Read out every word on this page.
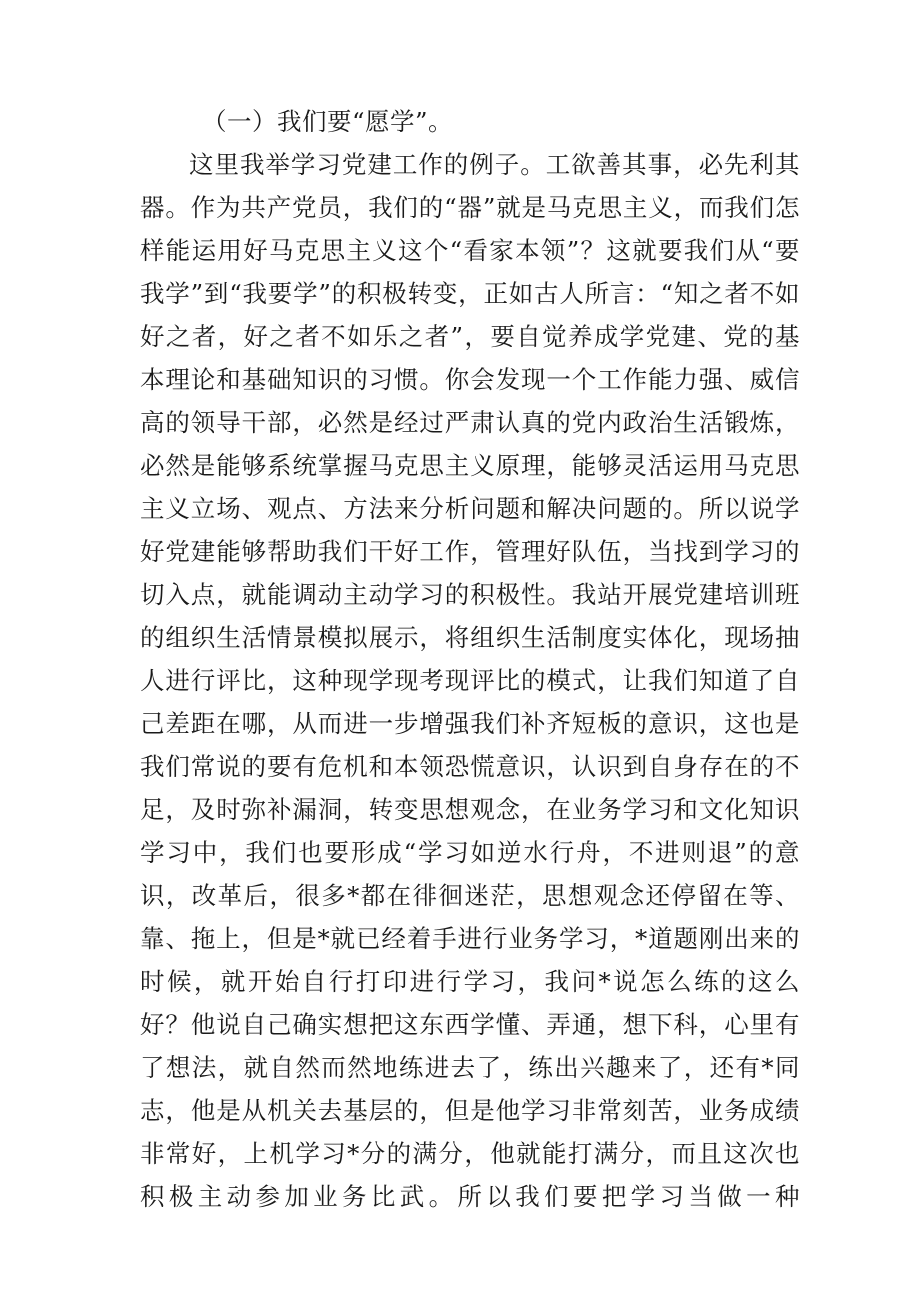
（一）我们要“愿学”。

这里我举学习党建工作的例子。工欲善其事，必先利其器。作为共产党员，我们的“器”就是马克思主义，而我们怎样能运用好马克思主义这个“看家本领”？这就要我们从“要我学”到“我要学”的积极转变，正如古人所言：“知之者不如好之者，好之者不如乐之者”，要自觉养成学党建、党的基本理论和基础知识的习惯。你会发现一个工作能力强、威信高的领导干部，必然是经过严肃认真的党内政治生活锻炼，必然是能够系统掌握马克思主义原理，能够灵活运用马克思主义立场、观点、方法来分析问题和解决问题的。所以说学好党建能够帮助我们干好工作，管理好队伍，当找到学习的切入点，就能调动主动学习的积极性。我站开展党建培训班的组织生活情景模拟展示，将组织生活制度实体化，现场抽人进行评比，这种现学现考现评比的模式，让我们知道了自己差距在哪，从而进一步增强我们补齐短板的意识，这也是我们常说的要有危机和本领恐慌意识，认识到自身存在的不足，及时弥补漏洞，转变思想观念，在业务学习和文化知识学习中，我们也要形成“学习如逆水行舟，不进则退”的意识，改革后，很多*都在徘徊迷茫，思想观念还停留在等、靠、拖上，但是*就已经着手进行业务学习，*道题刚出来的时候，就开始自行打印进行学习，我问*说怎么练的这么好？他说自己确实想把这东西学懂、弄通，想下科，心里有了想法，就自然而然地练进去了，练出兴趣来了，还有*同志，他是从机关去基层的，但是他学习非常刻苦，业务成绩非常好，上机学习*分的满分，他就能打满分，而且这次也积极主动参加业务比武。所以我们要把学习当做一种
